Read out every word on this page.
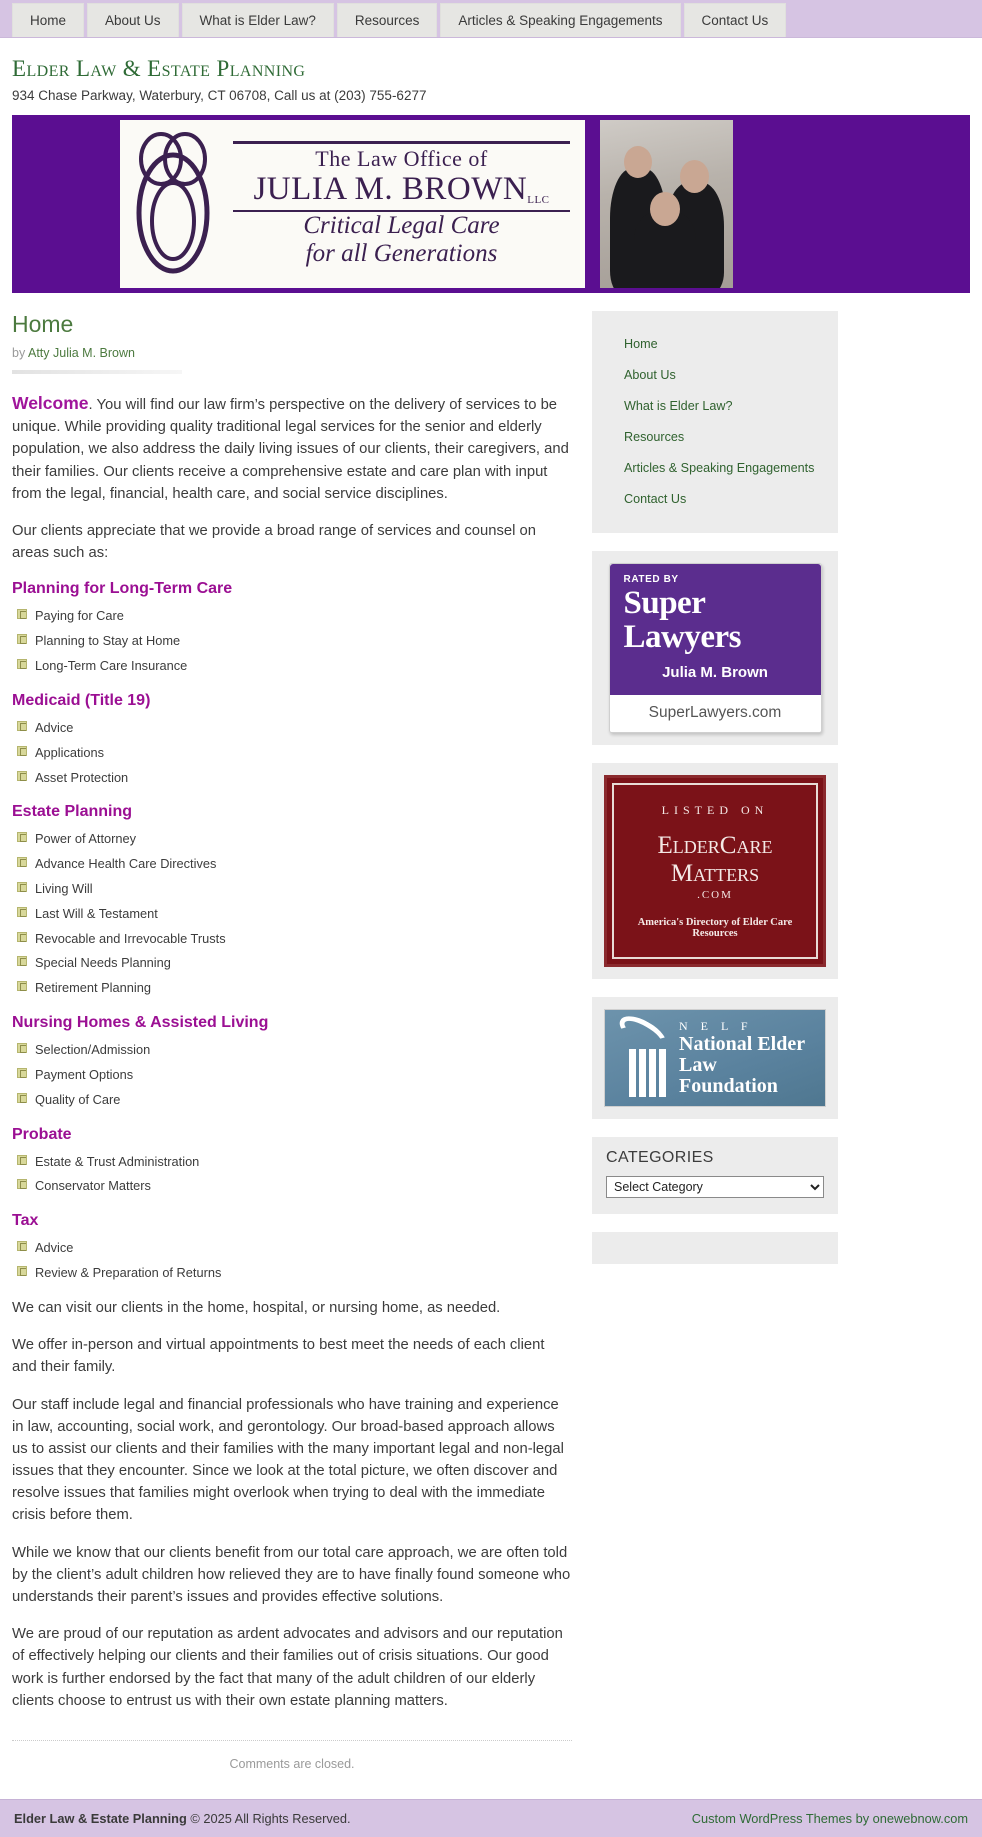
Home	About Us	What is Elder Law?	Resources	Articles & Speaking Engagements	Contact Us
Elder Law & Estate Planning

934 Chase Parkway, Waterbury, CT 06708, Call us at (203) 755-6277

The Law Office of
JULIA M. $BROWN^{LLC}$
Critical Legal Care
for all Generations
Home
by Atty Julia M. Brown

Welcome. You will find our law firm’s perspective on the delivery of services to be unique. While providing quality traditional legal services for the senior and elderly population, we also address the daily living issues of our clients, their caregivers, and their families. Our clients receive a comprehensive estate and care plan with input from the legal, financial, health care, and social service disciplines.

Our clients appreciate that we provide a broad range of services and counsel on areas such as:

Planning for Long-Term Care
Paying for Care
Planning to Stay at Home
Long-Term Care Insurance
Medicaid (Title 19)
Advice
Applications
Asset Protection
Estate Planning
Power of Attorney
Advance Health Care Directives
Living Will
Last Will & Testament
Revocable and Irrevocable Trusts
Special Needs Planning
Retirement Planning
Nursing Homes & Assisted Living
Selection/Admission
Payment Options
Quality of Care
Probate
Estate & Trust Administration
Conservator Matters
Tax
Advice
Review & Preparation of Returns

We can visit our clients in the home, hospital, or nursing home, as needed.

We offer in-person and virtual appointments to best meet the needs of each client and their family.

Our staff include legal and financial professionals who have training and experience in law, accounting, social work, and gerontology. Our broad-based approach allows us to assist our clients and their families with the many important legal and non-legal issues that they encounter. Since we look at the total picture, we often discover and resolve issues that families might overlook when trying to deal with the immediate crisis before them.

While we know that our clients benefit from our total care approach, we are often told by the client’s adult children how relieved they are to have finally found someone who understands their parent’s issues and provides effective solutions.

We are proud of our reputation as ardent advocates and advisors and our reputation of effectively helping our clients and their families out of crisis situations. Our good work is further endorsed by the fact that many of the adult children of our elderly clients choose to entrust us with their own estate planning matters.

Comments are closed.
Home
About Us
What is Elder Law?
Resources
Articles & Speaking Engagements
Contact Us
RATED BY
Super Lawyers
Julia M. Brown
SuperLawyers.com
LISTED ON
ElderCare
Matters
.COM
America's Directory of Elder Care Resources
N E L F
National Elder
Law Foundation
CATEGORIES
Select Category
Elder Law & Estate Planning © 2025 All Rights Reserved.	Custom WordPress Themes by onewebnow.com
